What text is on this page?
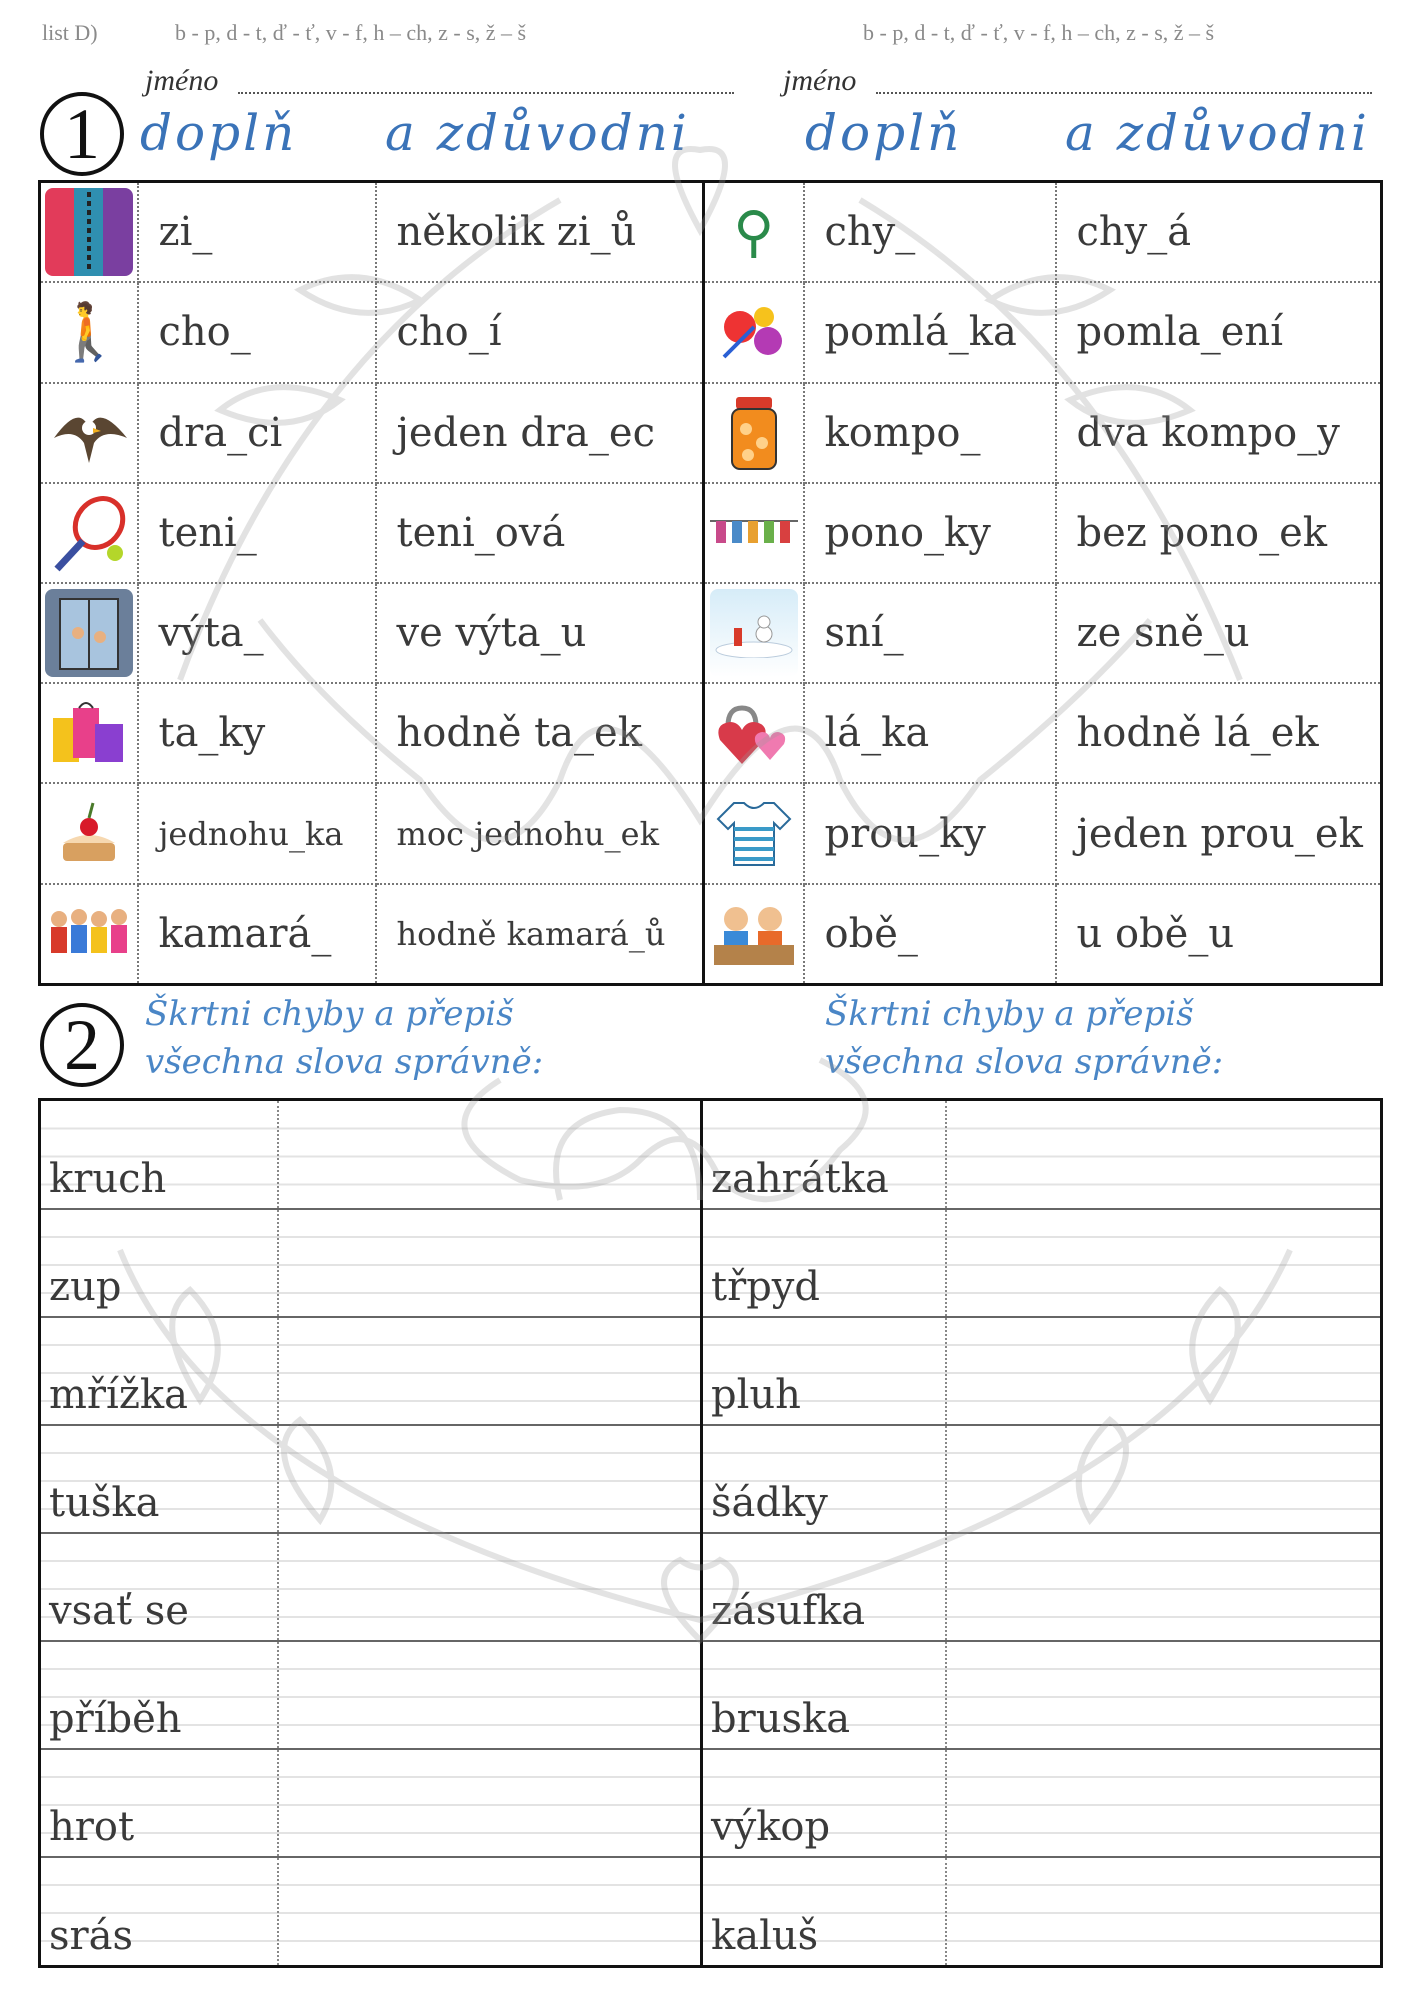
list D)	b - p, d - t, ď - ť, v - f, h – ch, z - s, ž – š	b - p, d - t, ď - ť, v - f, h – ch, z - s, ž – š
jméno	jméno
1 doplň a zdůvodni doplň a zdůvodni
	zi_	několik zi_ů	⚲	chy_	chy_á

🚶	cho_	cho_í		pomlá_ka	pomla_ení

	dra_ci	jeden dra_ec		kompo_	dva kompo_y

	teni_	teni_ová		pono_ky	bez pono_ek

	výta_	ve výta_u		sní_	ze sně_u

	ta_ky	hodně ta_ek		lá_ka	hodně lá_ek

	jednohu_ka	moc jednohu_ek		prou_ky	jeden prou_ek

	kamará_	hodně kamará_ů		obě_	u obě_u
2	Škrtni chyby a přepiš
všechna slova správně:
Škrtni chyby a přepiš
všechna slova správně:
kruch		zahrátka	
zup		třpyd	
mřížka		pluh	
tuška		šádky	
vsať se		zásufka	
příběh		bruska	
hrot		výkop	
srás		kaluš	
